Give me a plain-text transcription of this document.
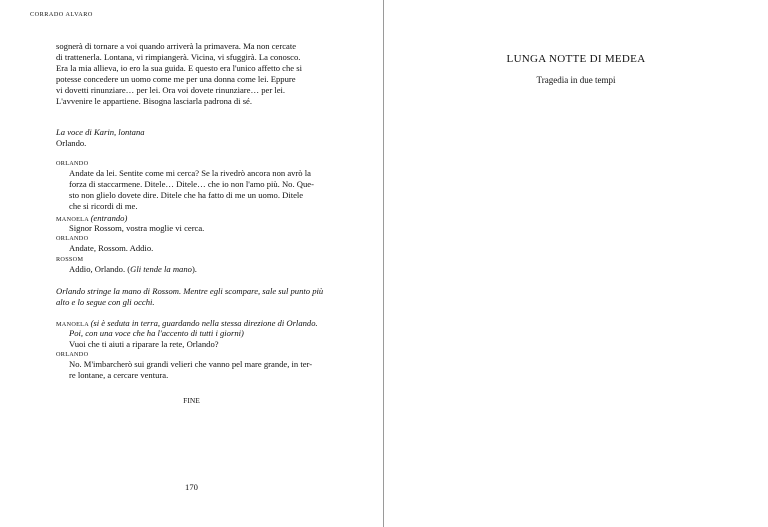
CORRADO ALVARO
sognerà di tornare a voi quando arriverà la primavera. Ma non cercate
di trattenerla. Lontana, vi rimpiangerà. Vicina, vi sfuggirà. La conosco.
Era la mia allieva, io ero la sua guida. E questo era l'unico affetto che si
potesse concedere un uomo come me per una donna come lei. Eppure
vi dovetti rinunziare… per lei. Ora voi dovete rinunziare… per lei.
L'avvenire le appartiene. Bisogna lasciarla padrona di sé.
La voce di Karin, lontana
Orlando.
ORLANDO
Andate da lei. Sentite come mi cerca? Se la rivedrò ancora non avrò la
forza di staccarmene. Ditele… Ditele… che io non l'amo più. No. Que-
sto non glielo dovete dire. Ditele che ha fatto di me un uomo. Ditele
che si ricordi di me.
MANOELA (entrando)
Signor Rossom, vostra moglie vi cerca.
ORLANDO
Andate, Rossom. Addio.
ROSSOM
Addio, Orlando. (Gli tende la mano).
Orlando stringe la mano di Rossom. Mentre egli scompare, sale sul punto più
alto e lo segue con gli occhi.
MANOELA (si è seduta in terra, guardando nella stessa direzione di Orlando.
Poi, con una voce che ha l'accento di tutti i giorni)
Vuoi che ti aiuti a riparare la rete, Orlando?
ORLANDO
No. M'imbarcherò sui grandi velieri che vanno pel mare grande, in ter-
re lontane, a cercare ventura.
FINE
170
LUNGA NOTTE DI MEDEA
Tragedia in due tempi
